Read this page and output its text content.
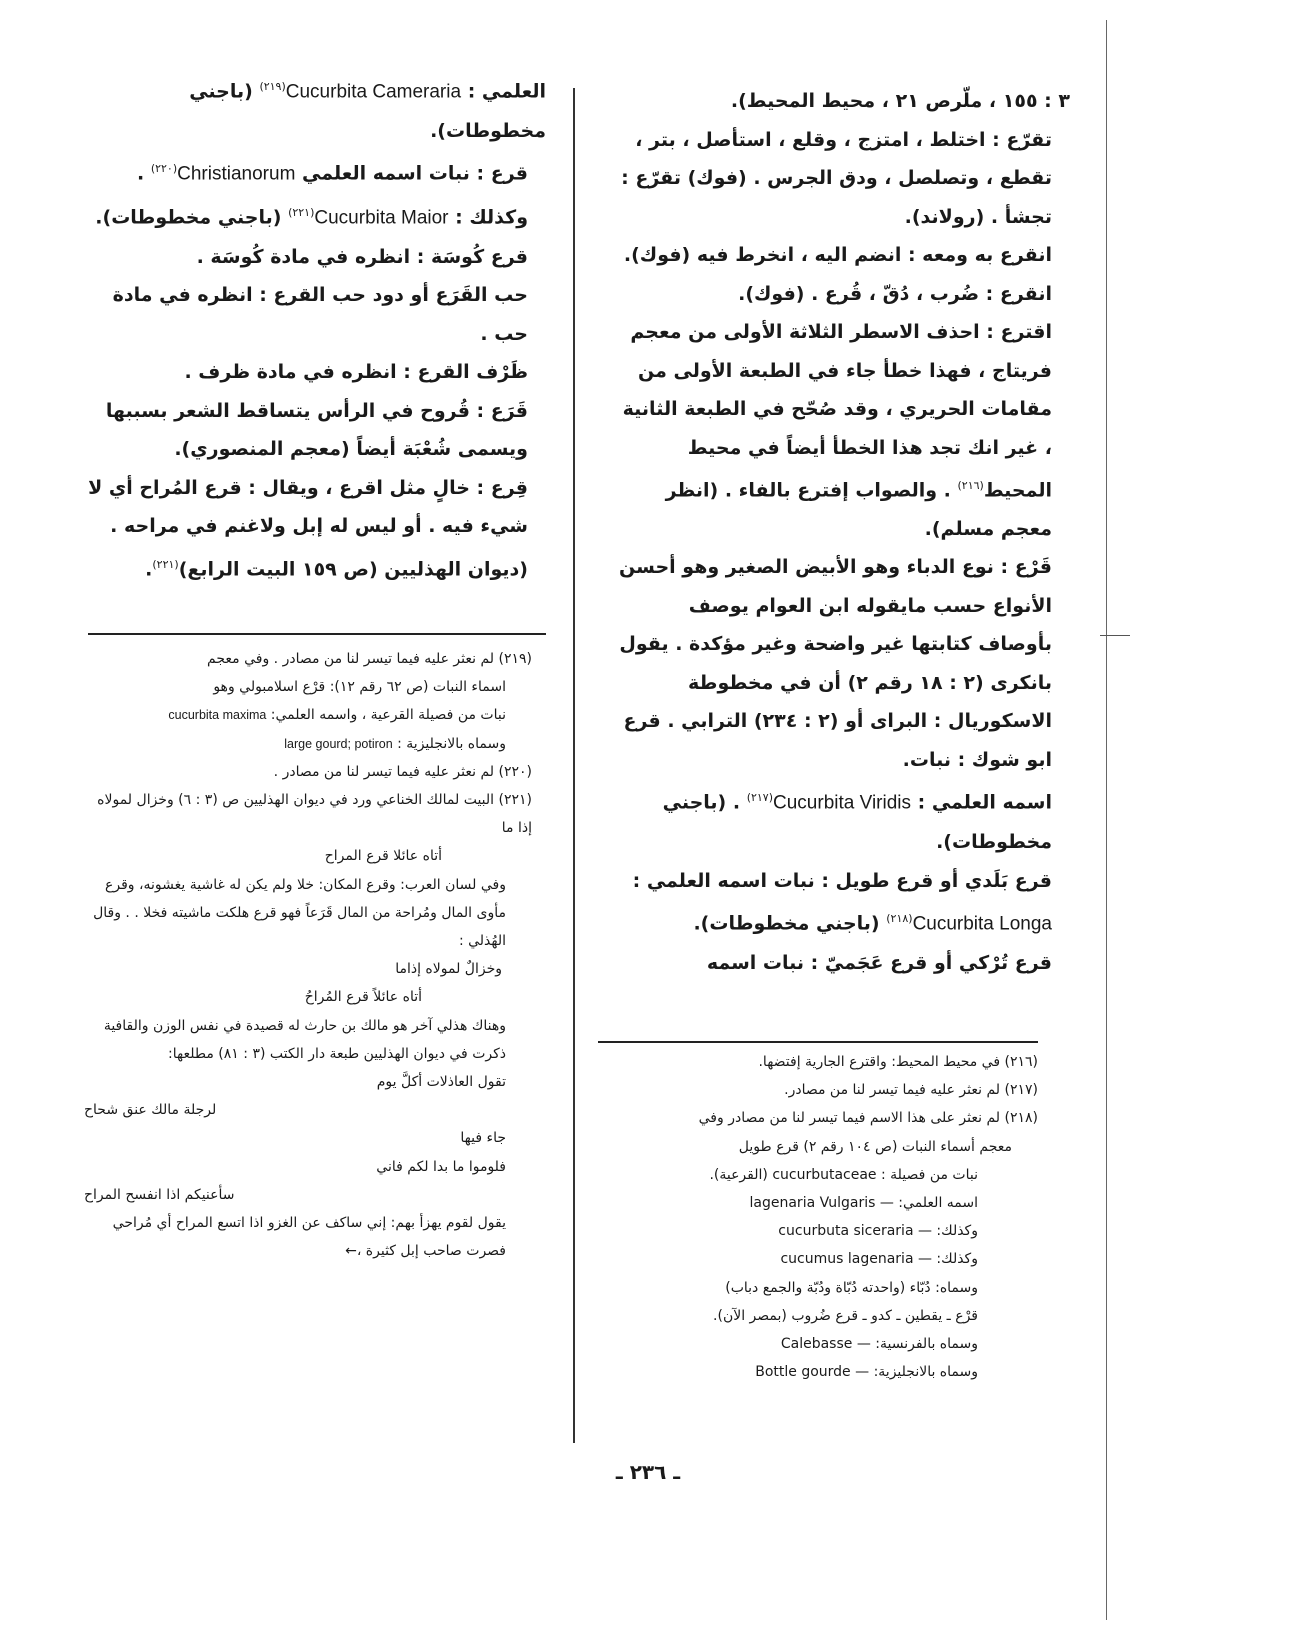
٣ : ١٥٥ ، ملّرص ٢١ ، محيط المحيط).

تقرّع : اختلط ، امتزج ، وقلع ، استأصل ، بتر ، تقطع ، وتصلصل ، ودق الجرس . (فوك) تقرّع : تجشأ . (رولاند).

انقرع به ومعه : انضم اليه ، انخرط فيه (فوك).

انقرع : ضُرب ، دُقّ ، قُرع . (فوك).

اقترع : احذف الاسطر الثلاثة الأولى من معجم فريتاج ، فهذا خطأ جاء في الطبعة الأولى من مقامات الحريري ، وقد صُحّح في الطبعة الثانية ، غير انك تجد هذا الخطأ أيضاً في محيط المحيط$^{(٢١٦)}$ . والصواب إفترع بالفاء . (انظر معجم مسلم).

قَرْع : نوع الدباء وهو الأبيض الصغير وهو أحسن الأنواع حسب مايقوله ابن العوام يوصف بأوصاف كتابتها غير واضحة وغير مؤكدة . يقول بانكرى (٢ : ١٨ رقم ٢) أن في مخطوطة الاسكوريال : البراى أو (٢ : ٢٣٤) الترابي . قرع ابو شوك : نبات.

اسمه العلمي : Cucurbita Viridis$^{(٢١٧)}$ . (باجني مخطوطات).

قرع بَلَدي أو قرع طويل : نبات اسمه العلمي : Cucurbita Longa$^{(٢١٨)}$ (باجني مخطوطات).

قرع تُرْكي أو قرع عَجَميّ : نبات اسمه

(٢١٦) في محيط المحيط: واقترع الجارية إفتضها.

(٢١٧) لم نعثر عليه فيما تيسر لنا من مصادر.

(٢١٨) لم نعثر على هذا الاسم فيما تيسر لنا من مصادر وفي

معجم أسماء النبات (ص ١٠٤ رقم ٢) قرع طويل

نبات من فصيلة : cucurbutaceae (القرعية).

اسمه العلمي: — lagenaria Vulgaris

وكذلك: — cucurbuta siceraria

وكذلك: — cucumus lagenaria

وسماه: دُبّاء (واحدته دُبّاة ودُبّة والجمع دباب)

قرْع ـ يقطين ـ كدو ـ قرع ضُروب (بمصر الآن).

وسماه بالفرنسية: — Calebasse

وسماه بالانجليزية: — Bottle gourde

العلمي : Cucurbita Cameraria$^{(٢١٩)}$ (باجني مخطوطات).

قرع : نبات اسمه العلمي Christianorum$^{(٢٢٠)}$ .

وكذلك : Cucurbita Maior$^{(٢٢١)}$ (باجني مخطوطات).

قرع كُوسَة : انظره في مادة كُوسَة .

حب القَرَع أو دود حب القرع : انظره في مادة حب .

ظَرْف القرع : انظره في مادة ظرف .

قَرَع : قُروح في الرأس يتساقط الشعر بسببها ويسمى شُعْبَة أيضاً (معجم المنصوري).

قِرع : خالٍ مثل اقرع ، ويقال : قرع المُراح أي لا شيء فيه . أو ليس له إبل ولاغنم في مراحه . (ديوان الهذليين (ص ١٥٩ البيت الرابع)$^{(٢٢١)}$.

(٢١٩) لم نعثر عليه فيما تيسر لنا من مصادر . وفي معجم

اسماء النبات (ص ٦٢ رقم ١٢): قرْع اسلامبولي وهو

نبات من فصيلة القرعية ، واسمه العلمي: cucurbita maxima

وسماه بالانجليزية : large gourd; potiron

(٢٢٠) لم نعثر عليه فيما تيسر لنا من مصادر .

(٢٢١) البيت لمالك الخناعي ورد في ديوان الهذليين ص (٣ : ٦) وخزال لمولاه إذا ما

أتاه عائلا قرع المراح

وفي لسان العرب: وقرع المكان: خلا ولم يكن له غاشية يغشونه، وقرع مأوى المال ومُراحة من المال قَرَعاً فهو قرع هلكت ماشيته فخلا . . وقال الهُذلي :

وخزالٌ لمولاه إذاما

أتاه عائلاً قرع المُراحُ

وهناك هذلي آخر هو مالك بن حارث له قصيدة في نفس الوزن والقافية ذكرت في ديوان الهذليين طبعة دار الكتب (٣ : ٨١) مطلعها:

تقول العاذلات أكلَّ يوم

لرجلة مالك عنق شحاح

جاء فيها

فلوموا ما بدا لكم فاني

سأعنيكم اذا انفسح المراح

يقول لقوم يهزأ بهم: إني ساكف عن الغزو اذا اتسع المراح أي مُراحي فصرت صاحب إبل كثيرة ،←

ـ ٢٣٦ ـ
